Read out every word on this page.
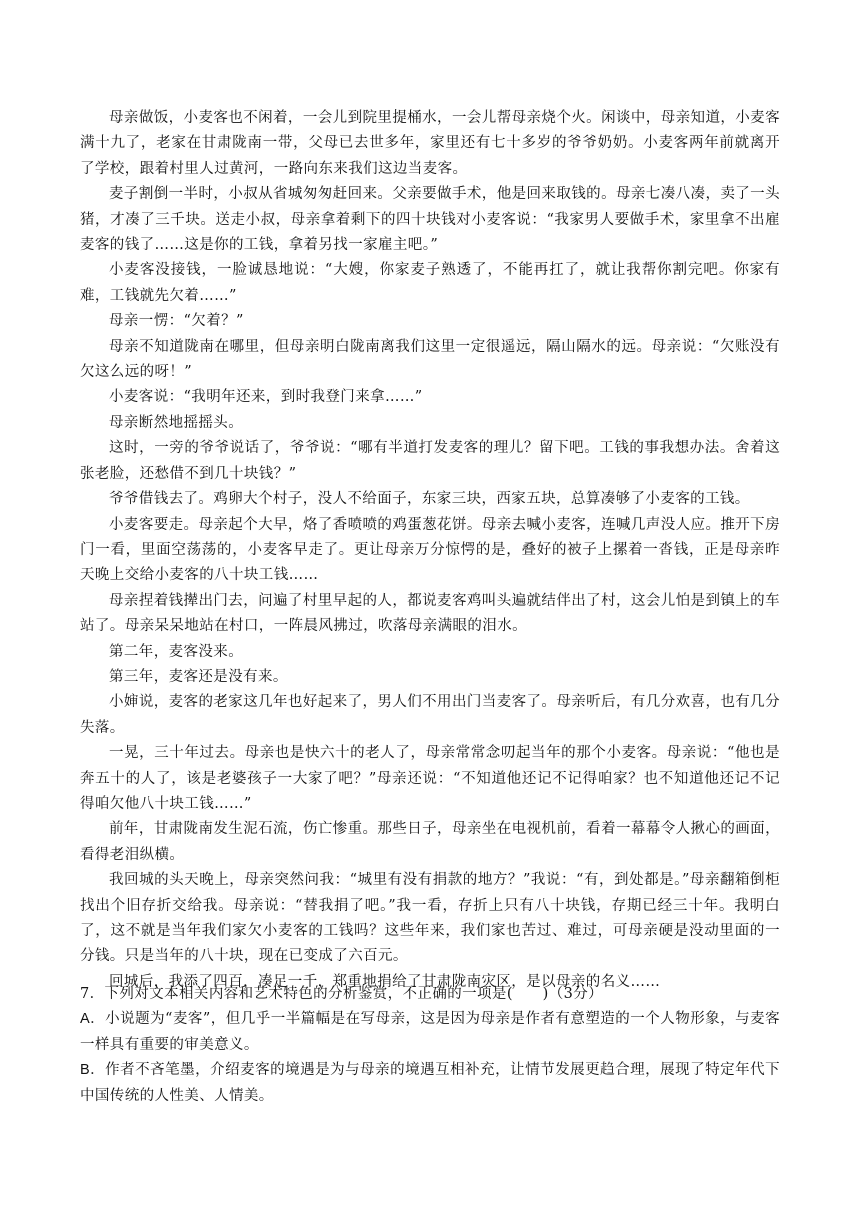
母亲做饭，小麦客也不闲着，一会儿到院里提桶水，一会儿帮母亲烧个火。闲谈中，母亲知道，小麦客满十九了，老家在甘肃陇南一带，父母已去世多年，家里还有七十多岁的爷爷奶奶。小麦客两年前就离开了学校，跟着村里人过黄河，一路向东来我们这边当麦客。

麦子割倒一半时，小叔从省城匆匆赶回来。父亲要做手术，他是回来取钱的。母亲七凑八凑，卖了一头猪，才凑了三千块。送走小叔，母亲拿着剩下的四十块钱对小麦客说：“我家男人要做手术，家里拿不出雇麦客的钱了……这是你的工钱，拿着另找一家雇主吧。”

小麦客没接钱，一脸诚恳地说：“大嫂，你家麦子熟透了，不能再扛了，就让我帮你割完吧。你家有难，工钱就先欠着……”

母亲一愣：“欠着？”

母亲不知道陇南在哪里，但母亲明白陇南离我们这里一定很遥远，隔山隔水的远。母亲说：“欠账没有欠这么远的呀！”

小麦客说：“我明年还来，到时我登门来拿……”

母亲断然地摇摇头。

这时，一旁的爷爷说话了，爷爷说：“哪有半道打发麦客的理儿？留下吧。工钱的事我想办法。舍着这张老脸，还愁借不到几十块钱？”

爷爷借钱去了。鸡卵大个村子，没人不给面子，东家三块，西家五块，总算凑够了小麦客的工钱。

小麦客要走。母亲起个大早，烙了香喷喷的鸡蛋葱花饼。母亲去喊小麦客，连喊几声没人应。推开下房门一看，里面空荡荡的，小麦客早走了。更让母亲万分惊愕的是，叠好的被子上摞着一沓钱，正是母亲昨天晚上交给小麦客的八十块工钱……

母亲捏着钱撵出门去，问遍了村里早起的人，都说麦客鸡叫头遍就结伴出了村，这会儿怕是到镇上的车站了。母亲呆呆地站在村口，一阵晨风拂过，吹落母亲满眼的泪水。

第二年，麦客没来。

第三年，麦客还是没有来。

小婶说，麦客的老家这几年也好起来了，男人们不用出门当麦客了。母亲听后，有几分欢喜，也有几分失落。

一晃，三十年过去。母亲也是快六十的老人了，母亲常常念叨起当年的那个小麦客。母亲说：“他也是奔五十的人了，该是老婆孩子一大家了吧？”母亲还说：“不知道他还记不记得咱家？也不知道他还记不记得咱欠他八十块工钱……”

前年，甘肃陇南发生泥石流，伤亡惨重。那些日子，母亲坐在电视机前，看着一幕幕令人揪心的画面，看得老泪纵横。

我回城的头天晚上，母亲突然问我：“城里有没有捐款的地方？”我说：“有，到处都是。”母亲翻箱倒柜找出个旧存折交给我。母亲说：“替我捐了吧。”我一看，存折上只有八十块钱，存期已经三十年。我明白了，这不就是当年我们家欠小麦客的工钱吗？这些年来，我们家也苦过、难过，可母亲硬是没动里面的一分钱。只是当年的八十块，现在已变成了六百元。

回城后，我添了四百，凑足一千，郑重地捐给了甘肃陇南灾区，是以母亲的名义……

7．下列对文本相关内容和艺术特色的分析鉴赏，不正确的一项是(　　)（3分）

A．小说题为“麦客”，但几乎一半篇幅是在写母亲，这是因为母亲是作者有意塑造的一个人物形象，与麦客一样具有重要的审美意义。

B．作者不吝笔墨，介绍麦客的境遇是为与母亲的境遇互相补充，让情节发展更趋合理，展现了特定年代下中国传统的人性美、人情美。
